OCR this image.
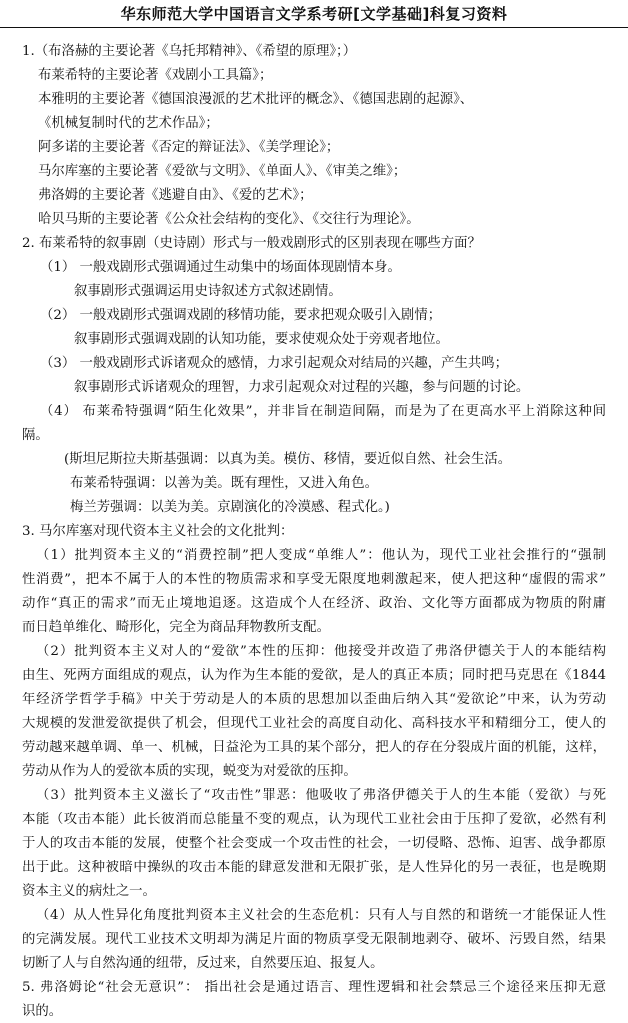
华东师范大学中国语言文学系考研[文学基础]科复习资料
1.（布洛赫的主要论著《乌托邦精神》、《希望的原理》；）
布莱希特的主要论著《戏剧小工具篇》；
本雅明的主要论著《德国浪漫派的艺术批评的概念》、《德国悲剧的起源》、
《机械复制时代的艺术作品》；
阿多诺的主要论著《否定的辩证法》、《美学理论》；
马尔库塞的主要论著《爱欲与文明》、《单面人》、《审美之维》；
弗洛姆的主要论著《逃避自由》、《爱的艺术》；
哈贝马斯的主要论著《公众社会结构的变化》、《交往行为理论》。
2. 布莱希特的叙事剧（史诗剧）形式与一般戏剧形式的区别表现在哪些方面？
（1） 一般戏剧形式强调通过生动集中的场面体现剧情本身。
叙事剧形式强调运用史诗叙述方式叙述剧情。
（2） 一般戏剧形式强调戏剧的移情功能，要求把观众吸引入剧情；
叙事剧形式强调戏剧的认知功能，要求使观众处于旁观者地位。
（3） 一般戏剧形式诉诸观众的感情，力求引起观众对结局的兴趣，产生共鸣；
叙事剧形式诉诸观众的理智，力求引起观众对过程的兴趣，参与问题的讨论。
（4） 布莱希特强调“陌生化效果”，并非旨在制造间隔，而是为了在更高水平上消除这种间
隔。
(斯坦尼斯拉夫斯基强调：以真为美。模仿、移情，要近似自然、社会生活。
布莱希特强调：以善为美。既有理性，又进入角色。
梅兰芳强调：以美为美。京剧演化的冷漠感、程式化。)
3. 马尔库塞对现代资本主义社会的文化批判：
（1）批判资本主义的“消费控制”把人变成“单维人”：他认为，现代工业社会推行的“强制
性消费”，把本不属于人的本性的物质需求和享受无限度地刺激起来，使人把这种“虚假的需求”
动作“真正的需求”而无止境地追逐。这造成个人在经济、政治、文化等方面都成为物质的附庸
而日趋单维化、畸形化，完全为商品拜物教所支配。
（2）批判资本主义对人的“爱欲”本性的压抑：他接受并改造了弗洛伊德关于人的本能结构
由生、死两方面组成的观点，认为作为生本能的爱欲，是人的真正本质；同时把马克思在《1844
年经济学哲学手稿》中关于劳动是人的本质的思想加以歪曲后纳入其“爱欲论”中来，认为劳动
大规模的发泄爱欲提供了机会，但现代工业社会的高度自动化、高科技水平和精细分工，使人的
劳动越来越单调、单一、机械，日益沦为工具的某个部分，把人的存在分裂成片面的机能，这样，
劳动从作为人的爱欲本质的实现，蜕变为对爱欲的压抑。
（3）批判资本主义滋长了“攻击性”罪恶：他吸收了弗洛伊德关于人的生本能（爱欲）与死
本能（攻击本能）此长彼消而总能量不变的观点，认为现代工业社会由于压抑了爱欲，必然有利
于人的攻击本能的发展，使整个社会变成一个攻击性的社会，一切侵略、恐怖、迫害、战争都原
出于此。这种被暗中操纵的攻击本能的肆意发泄和无限扩张，是人性异化的另一表征，也是晚期
资本主义的病灶之一。
（4）从人性异化角度批判资本主义社会的生态危机：只有人与自然的和谐统一才能保证人性
的完满发展。现代工业技术文明却为满足片面的物质享受无限制地剥夺、破坏、污毁自然，结果
切断了人与自然沟通的纽带，反过来，自然要压迫、报复人。
5. 弗洛姆论“社会无意识”： 指出社会是通过语言、理性逻辑和社会禁忌三个途径来压抑无意
识的。
